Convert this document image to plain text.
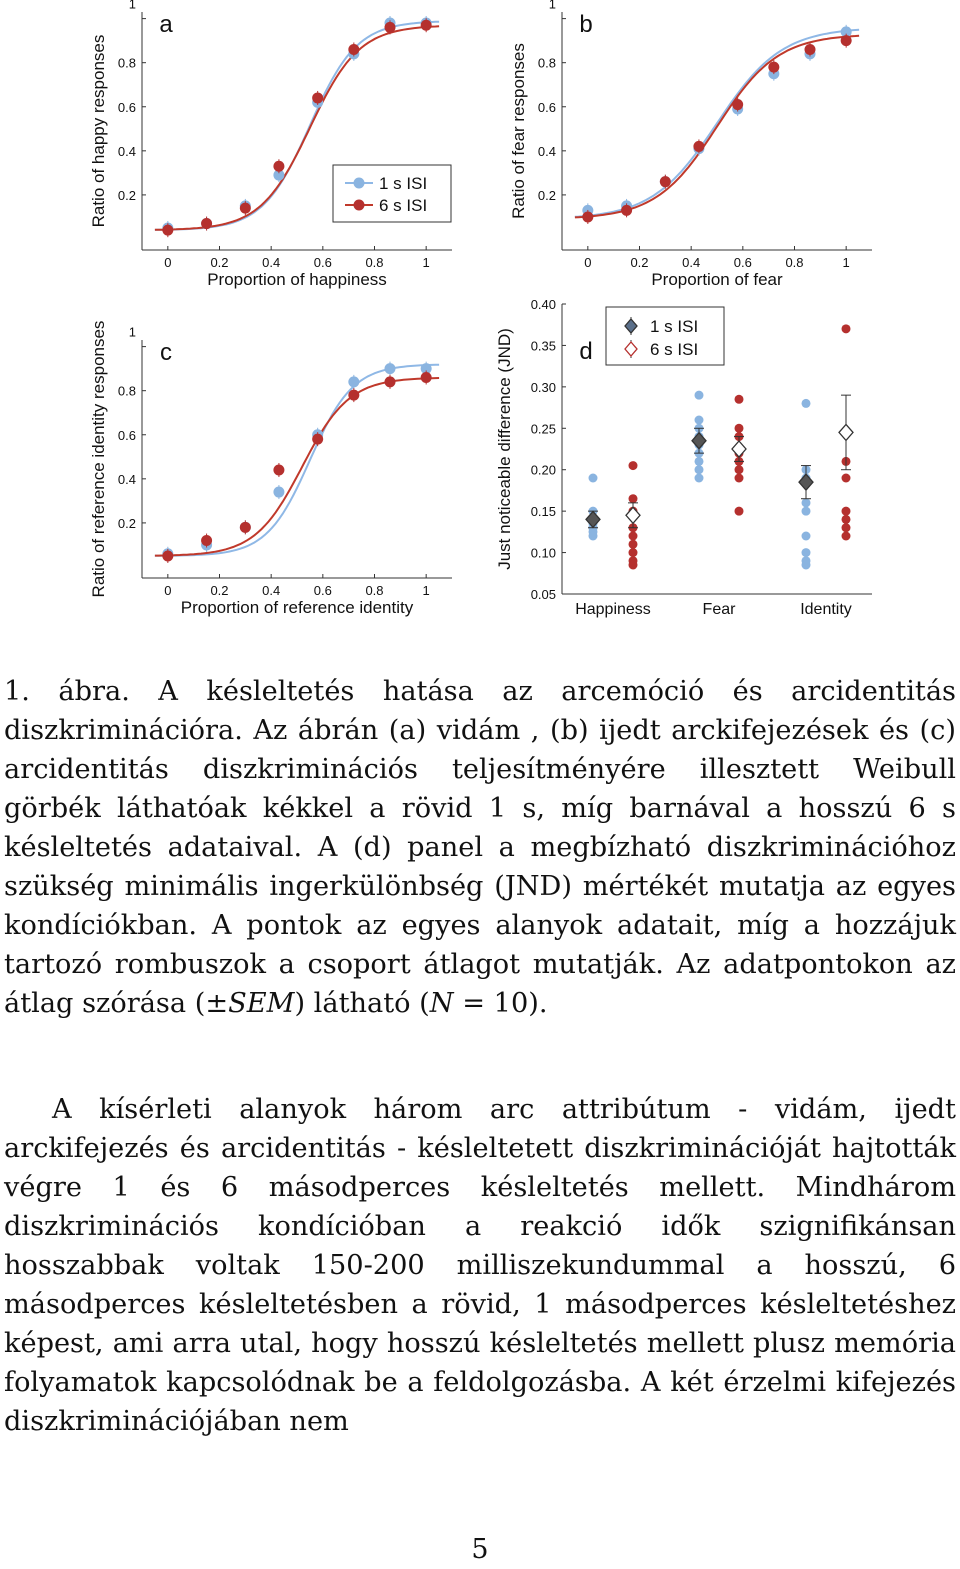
a
0	0.2	0.4	0.6	0.8	1
0.2
0.4
0.6
0.8
1
Proportion of happiness
Ratio of happy responses	1 s ISI
6 s ISI
b
0	0.2	0.4	0.6	0.8	1
0.2
0.4
0.6
0.8
1
Proportion of fear
Ratio of fear responses
c
0	0.2	0.4	0.6	0.8	1
0.2
0.4
0.6
0.8
1
Proportion of reference identity
Ratio of reference identity responses	d
0.05
0.10
0.15
0.20
0.25
0.30
0.35
0.40
Just noticeable difference (JND)
Happiness	Fear	Identity
1 s ISI
6 s ISI

1. ábra. A késleltetés hatása az arcemóció és arcidentitás diszkriminációra. Az ábrán (a) vidám , (b) ijedt arckifejezések és (c) arcidentitás diszkriminációs teljesítményére illesztett Weibull görbék láthatóak kékkel a rövid 1 s, míg barnával a hosszú 6 s késleltetés adataival. A (d) panel a megbízható diszkriminációhoz szükség minimális ingerkülönbség (JND) mértékét mutatja az egyes kondíciókban. A pontok az egyes alanyok adatait, míg a hozzájuk tartozó rombuszok a csoport átlagot mutatják. Az adatpontokon az átlag szórása (±SEM) látható (N = 10).

A kísérleti alanyok három arc attribútum - vidám, ijedt arckifejezés és arcidentitás - késleltetett diszkriminációját hajtották végre 1 és 6 másodperces késleltetés mellett. Mindhárom diszkriminációs kondícióban a reakció idők szignifikánsan hosszabbak voltak 150-200 milliszekundummal a hosszú, 6 másodperces késleltetésben a rövid, 1 másodperces késleltetéshez képest, ami arra utal, hogy hosszú késleltetés mellett plusz memória folyamatok kapcsolódnak be a feldolgozásba. A két érzelmi kifejezés diszkriminációjában nem

5
